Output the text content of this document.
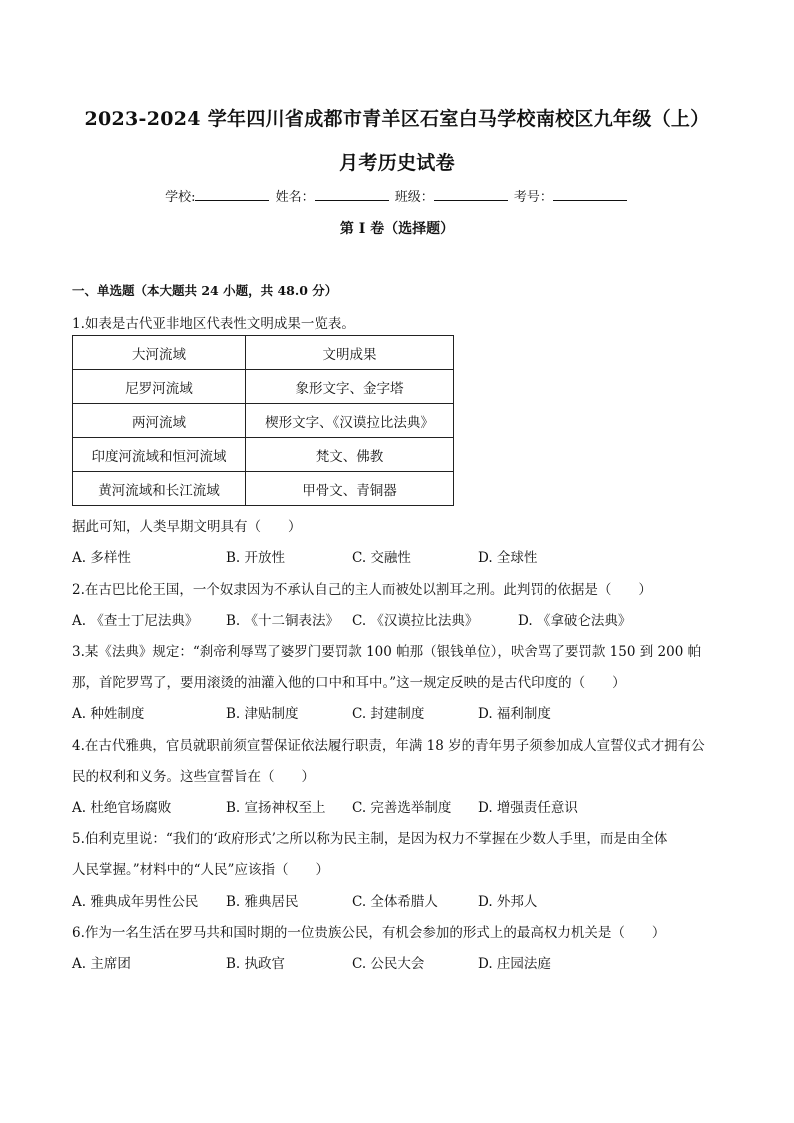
2023-2024 学年四川省成都市青羊区石室白马学校南校区九年级（上）
月考历史试卷
学校:	姓名：	班级：	考号：
第 I 卷（选择题）
一、单选题（本大题共 24 小题，共 48.0 分）
1.如表是古代亚非地区代表性文明成果一览表。
大河流域	文明成果
尼罗河流域	象形文字、金字塔
两河流域	楔形文字、《汉谟拉比法典》
印度河流域和恒河流域	梵文、佛教
黄河流域和长江流域	甲骨文、青铜器
据此可知，人类早期文明具有（　　）
A. 多样性	B. 开放性	C. 交融性	D. 全球性
2.在古巴比伦王国，一个奴隶因为不承认自己的主人而被处以割耳之刑。此判罚的依据是（　　）
A. 《查士丁尼法典》 B. 《十二铜表法》 C. 《汉谟拉比法典》	D. 《拿破仑法典》
3.某《法典》规定：“刹帝利辱骂了婆罗门要罚款 100 帕那（银钱单位），吠舍骂了要罚款 150 到 200 帕
那，首陀罗骂了，要用滚烫的油灌入他的口中和耳中。”这一规定反映的是古代印度的（　　）
A. 种姓制度	B. 津贴制度	C. 封建制度	D. 福利制度
4.在古代雅典，官员就职前须宣誓保证依法履行职责，年满 18 岁的青年男子须参加成人宣誓仪式才拥有公
民的权利和义务。这些宣誓旨在（　　）
A. 杜绝官场腐败	B. 宣扬神权至上 C. 完善选举制度 D. 增强责任意识
5.伯利克里说：“我们的‘政府形式’之所以称为民主制，是因为权力不掌握在少数人手里，而是由全体
人民掌握。”材料中的“人民”应该指（　　）
A. 雅典成年男性公民 B. 雅典居民	C. 全体希腊人	D. 外邦人
6.作为一名生活在罗马共和国时期的一位贵族公民，有机会参加的形式上的最高权力机关是（　　）
A. 主席团	B. 执政官	C. 公民大会	D. 庄园法庭
